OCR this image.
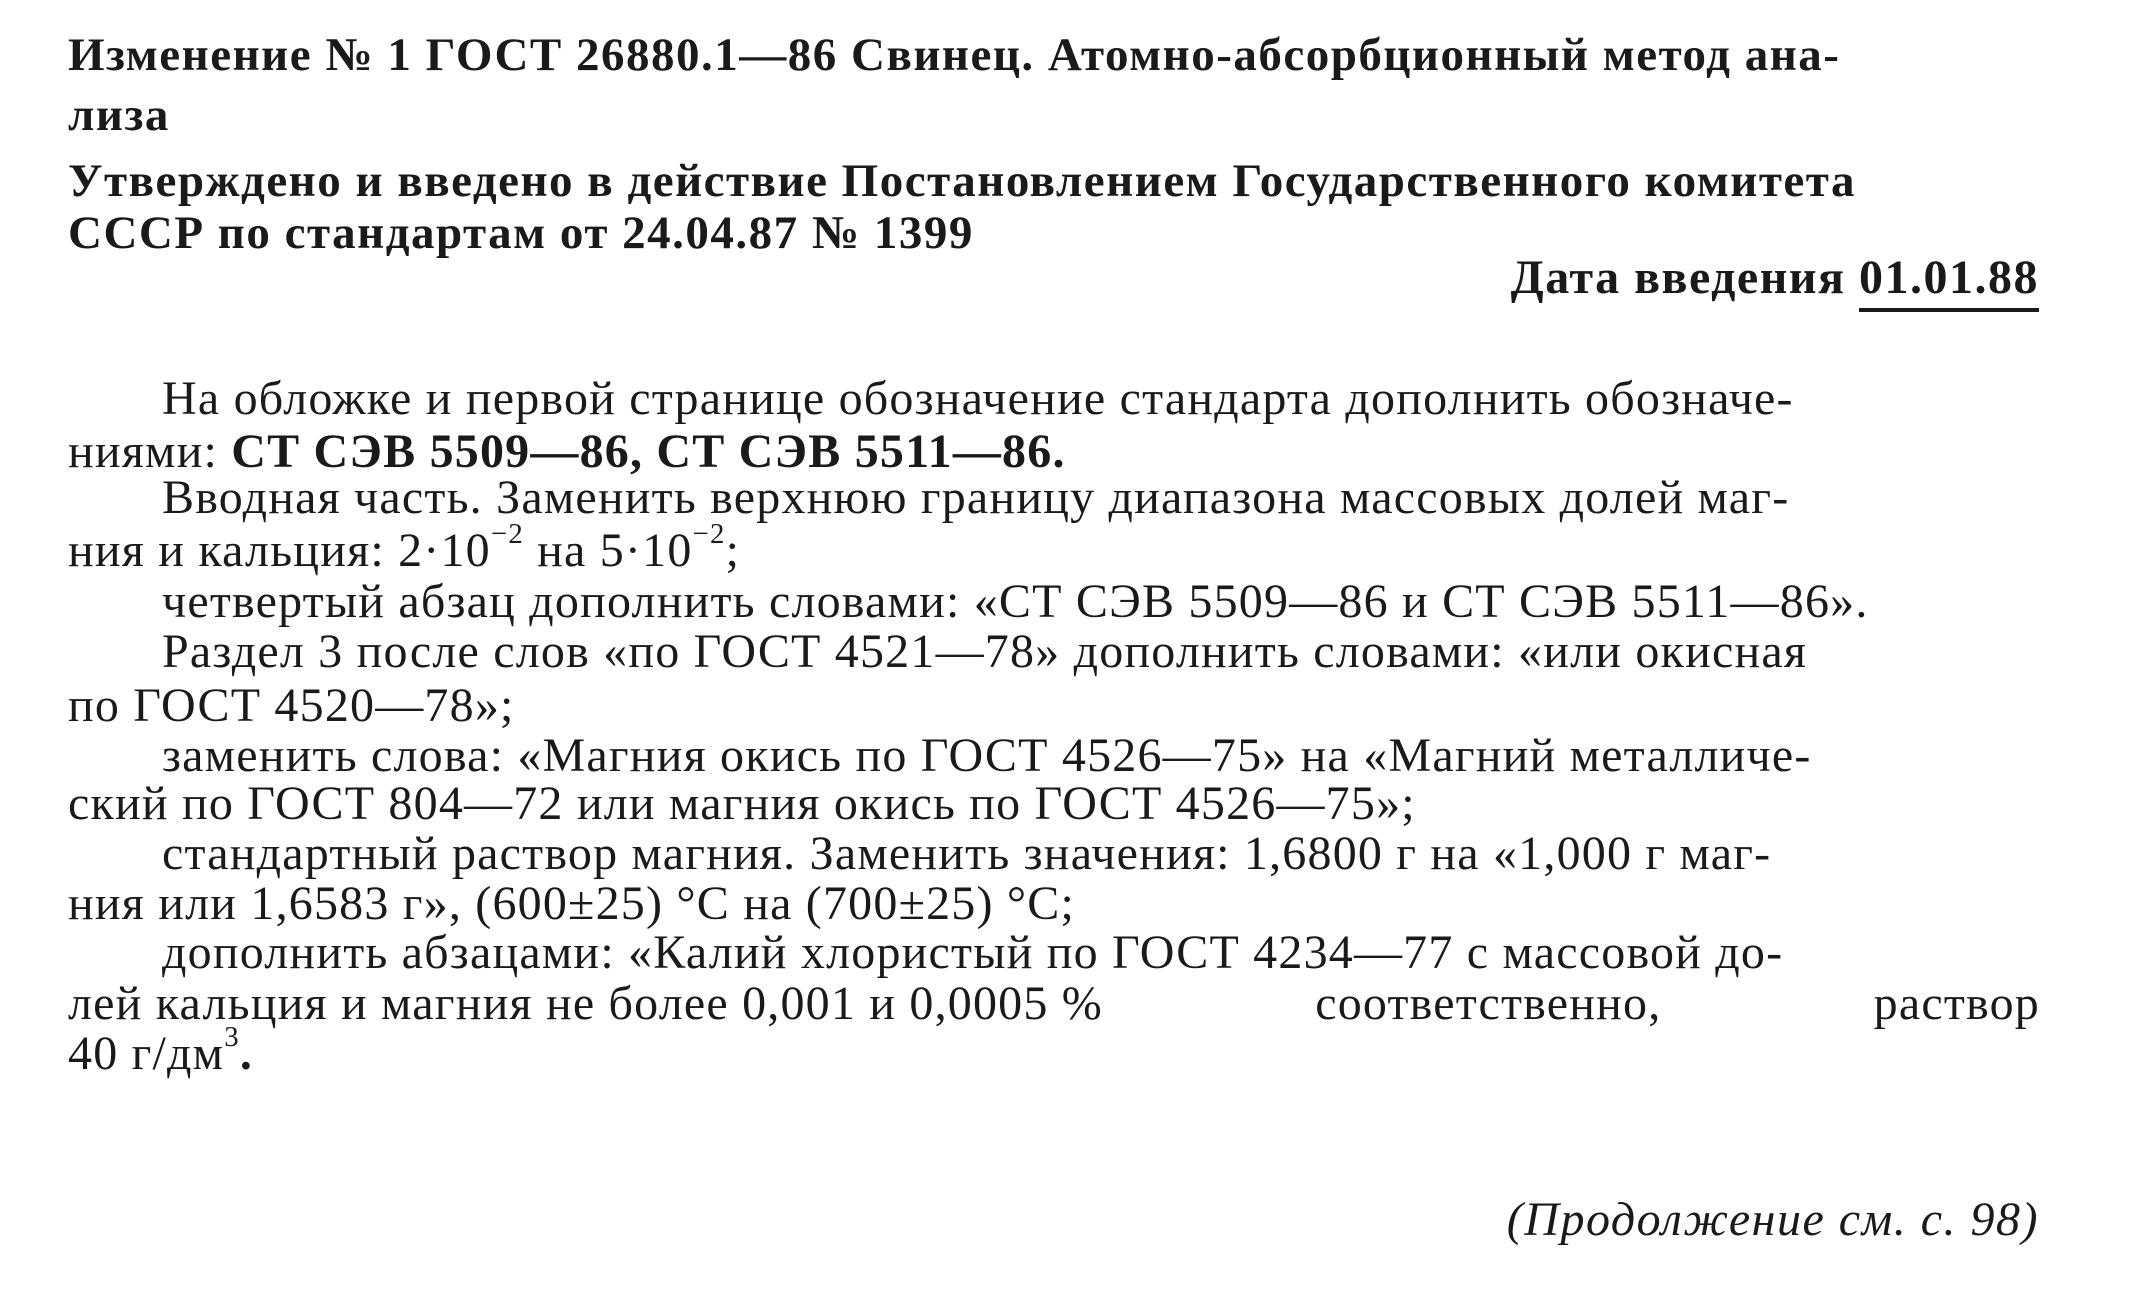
Изменение № 1 ГОСТ 26880.1—86 Свинец. Атомно-абсорбционный метод ана-
лиза
Утверждено и введено в действие Постановлением Государственного комитета
СССР по стандартам от 24.04.87 № 1399
Дата введения 01.01.88
На обложке и первой странице обозначение стандарта дополнить обозначе-
ниями: СТ СЭВ 5509—86, СТ СЭВ 5511—86.
Вводная часть. Заменить верхнюю границу диапазона массовых долей маг-
ния и кальция: $2\cdot 10^{-2}$ на $5\cdot 10^{-2}$;
четвертый абзац дополнить словами: «СТ СЭВ 5509—86 и СТ СЭВ 5511—86».
Раздел 3 после слов «по ГОСТ 4521—78» дополнить словами: «или окисная
по ГОСТ 4520—78»;
заменить слова: «Магния окись по ГОСТ 4526—75» на «Магний металличе-
ский по ГОСТ 804—72 или магния окись по ГОСТ 4526—75»;
стандартный раствор магния. Заменить значения: 1,6800 г на «1,000 г маг-
ния или 1,6583 г», (600±25) °С на (700±25) °С;
дополнить абзацами: «Калий хлористый по ГОСТ 4234—77 с массовой до-
лей кальция и магния не более 0,001 и 0,0005 %	соответственно,	раствор
40 $г/дм^3$.
(Продолжение см. с. 98)
